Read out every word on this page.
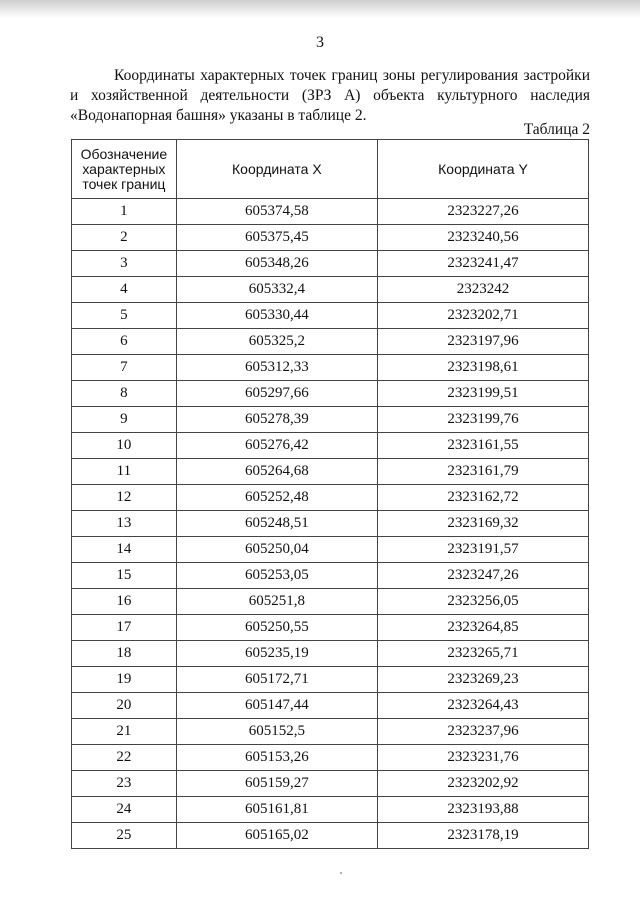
3

Координаты характерных точек границ зоны регулирования застройки и хозяйственной деятельности (ЗРЗ А) объекта культурного наследия «Водонапорная башня» указаны в таблице 2.

Таблица 2
Обозначение характерных точек границ	Координата X	Координата Y
1	605374,58	2323227,26
2	605375,45	2323240,56
3	605348,26	2323241,47
4	605332,4	2323242
5	605330,44	2323202,71
6	605325,2	2323197,96
7	605312,33	2323198,61
8	605297,66	2323199,51
9	605278,39	2323199,76
10	605276,42	2323161,55
11	605264,68	2323161,79
12	605252,48	2323162,72
13	605248,51	2323169,32
14	605250,04	2323191,57
15	605253,05	2323247,26
16	605251,8	2323256,05
17	605250,55	2323264,85
18	605235,19	2323265,71
19	605172,71	2323269,23
20	605147,44	2323264,43
21	605152,5	2323237,96
22	605153,26	2323231,76
23	605159,27	2323202,92
24	605161,81	2323193,88
25	605165,02	2323178,19
